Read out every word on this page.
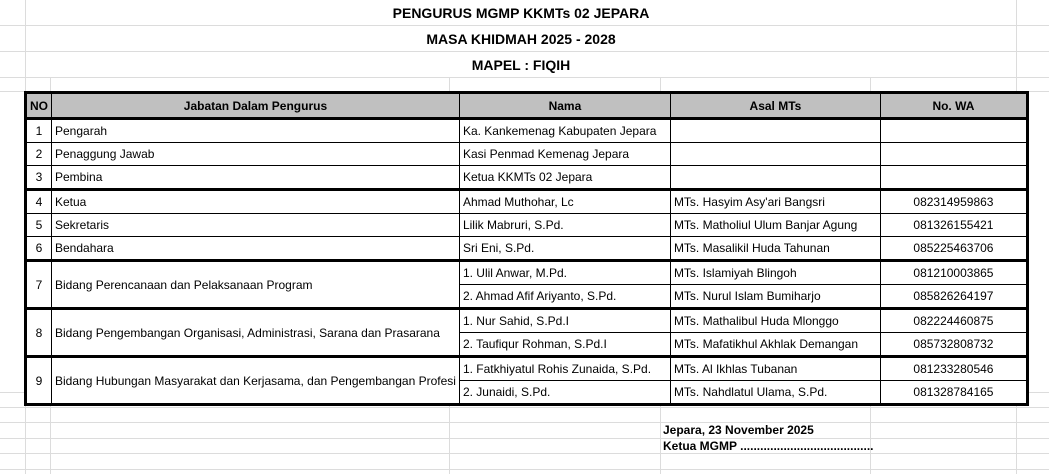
PENGURUS MGMP KKMTs 02 JEPARA
MASA KHIDMAH 2025 - 2028
MAPEL : FIQIH
NO	Jabatan Dalam Pengurus	Nama	Asal MTs	No. WA
1	Pengarah	Ka. Kankemenag Kabupaten Jepara		
2	Penaggung Jawab	Kasi Penmad Kemenag Jepara		
3	Pembina	Ketua KKMTs 02 Jepara		
4	Ketua	Ahmad Muthohar, Lc	MTs. Hasyim Asy'ari Bangsri	082314959863
5	Sekretaris	Lilik Mabruri, S.Pd.	MTs. Matholiul Ulum Banjar Agung	081326155421
6	Bendahara	Sri Eni, S.Pd.	MTs. Masalikil Huda Tahunan	085225463706
7	Bidang Perencanaan dan Pelaksanaan Program	1. Ulil Anwar, M.Pd.	MTs. Islamiyah Blingoh	081210003865
		2. Ahmad Afif Ariyanto, S.Pd.	MTs. Nurul Islam Bumiharjo	085826264197
8	Bidang Pengembangan Organisasi, Administrasi, Sarana dan Prasarana	1. Nur Sahid, S.Pd.I	MTs. Mathalibul Huda Mlonggo	082224460875
		2. Taufiqur Rohman, S.Pd.I	MTs. Mafatikhul Akhlak Demangan	085732808732
9	Bidang Hubungan Masyarakat dan Kerjasama, dan Pengembangan Profesi	1. Fatkhiyatul Rohis Zunaida, S.Pd.	MTs. Al Ikhlas Tubanan	081233280546
		2. Junaidi, S.Pd.	MTs. Nahdlatul Ulama, S.Pd.	081328784165
Jepara, 23 November 2025
Ketua MGMP ........................................
